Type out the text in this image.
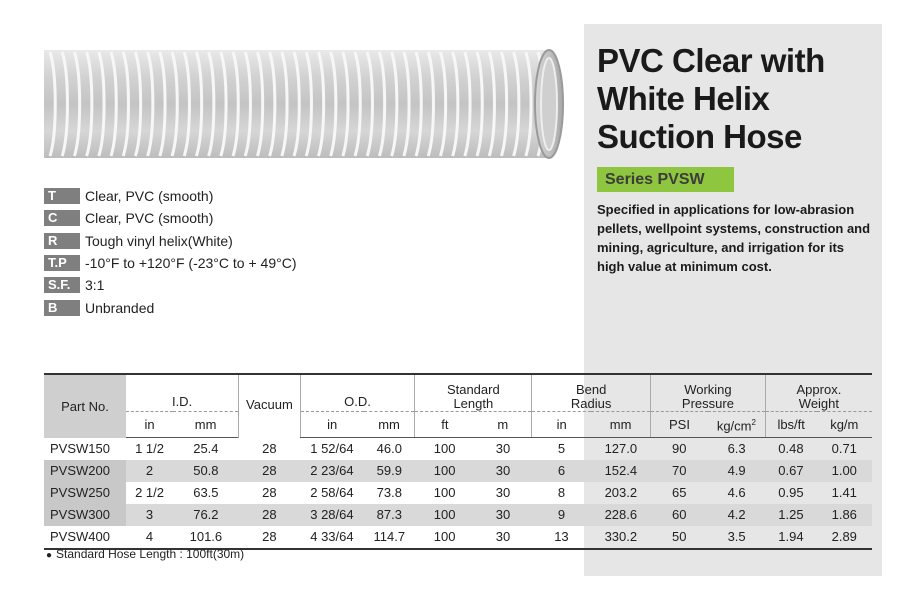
PVC Clear with
White Helix
Suction Hose
Series PVSW
Specified in applications for low-abrasion pellets, wellpoint systems, construction and mining, agriculture, and irrigation for its high value at minimum cost.
T	Clear, PVC (smooth)
C	Clear, PVC (smooth)
R	Tough vinyl helix(White)
T.P	-10°F to +120°F (-23°C to + 49°C)
S.F.	3:1
B	Unbranded
Part No.	I.D.		Vacuum	O.D.		Standard Length		Bend Radius		Working Pressure		Approx. Weight	
	in	mm		in	mm	ft	m	in	mm	PSI	$kg/cm^2$	lbs/ft	kg/m
PVSW150	1 1/2	25.4	28	1 52/64	46.0	100	30	5	127.0	90	6.3	0.48	0.71
PVSW200	2	50.8	28	2 23/64	59.9	100	30	6	152.4	70	4.9	0.67	1.00
PVSW250	2 1/2	63.5	28	2 58/64	73.8	100	30	8	203.2	65	4.6	0.95	1.41
PVSW300	3	76.2	28	3 28/64	87.3	100	30	9	228.6	60	4.2	1.25	1.86
PVSW400	4	101.6	28	4 33/64	114.7	100	30	13	330.2	50	3.5	1.94	2.89
● Standard Hose Length : 100ft(30m)
